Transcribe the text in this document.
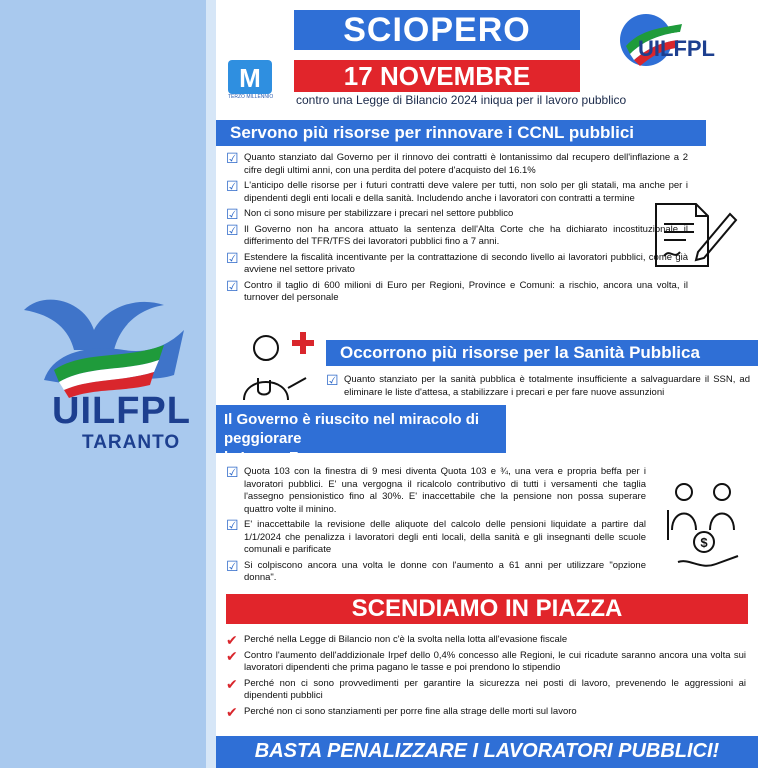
UILFPL
TARANTO
M
TERZO MILLENNIO
SCIOPERO
17 NOVEMBRE
contro una Legge di Bilancio 2024 iniqua per il lavoro pubblico
UILFPL
Servono più risorse per rinnovare i CCNL pubblici
☑ Quanto stanziato dal Governo per il rinnovo dei contratti è lontanissimo dal recupero dell'inflazione a 2 cifre degli ultimi anni, con una perdita del potere d'acquisto del 16.1%
☑ L'anticipo delle risorse per i futuri contratti deve valere per tutti, non solo per gli statali, ma anche per i dipendenti degli enti locali e della sanità. Includendo anche i lavoratori con contratti a termine
☑ Non ci sono misure per stabilizzare i precari nel settore pubblico
☑ Il Governo non ha ancora attuato la sentenza dell'Alta Corte che ha dichiarato incostituzionale il differimento del TFR/TFS dei lavoratori pubblici fino a 7 anni.
☑ Estendere la fiscalità incentivante per la contrattazione di secondo livello ai lavoratori pubblici, come già avviene nel settore privato
☑ Contro il taglio di 600 milioni di Euro per Regioni, Province e Comuni: a rischio, ancora una volta, il turnover del personale
Occorrono più risorse per la Sanità Pubblica
☑ Quanto stanziato per la sanità pubblica è totalmente insufficiente a salvaguardare il SSN, ad eliminare le liste d'attesa, a stabilizzare i precari e per fare nuove assunzioni
Il Governo è riuscito nel miracolo di peggiorare
la Legge Fornero
☑ Quota 103 con la finestra di 9 mesi diventa Quota 103 e ¾, una vera e propria beffa per i lavoratori pubblici. E' una vergogna il ricalcolo contributivo di tutti i versamenti che taglia l'assegno pensionistico fino al 30%. E' inaccettabile che la pensione non possa superare quattro volte il minino.
☑ E' inaccettabile la revisione delle aliquote del calcolo delle pensioni liquidate a partire dal 1/1/2024 che penalizza i lavoratori degli enti locali, della sanità e gli insegnanti delle scuole comunali e parificate
☑ Si colpiscono ancora una volta le donne con l'aumento a 61 anni per utilizzare "opzione donna".
$
SCENDIAMO IN PIAZZA
✔ Perché nella Legge di Bilancio non c'è la svolta nella lotta all'evasione fiscale
✔ Contro l'aumento dell'addizionale Irpef dello 0,4% concesso alle Regioni, le cui ricadute saranno ancora una volta sui lavoratori dipendenti che prima pagano le tasse e poi prendono lo stipendio
✔ Perché non ci sono provvedimenti per garantire la sicurezza nei posti di lavoro, prevenendo le aggressioni ai dipendenti pubblici
✔ Perché non ci sono stanziamenti per porre fine alla strage delle morti sul lavoro
BASTA PENALIZZARE I LAVORATORI PUBBLICI!
